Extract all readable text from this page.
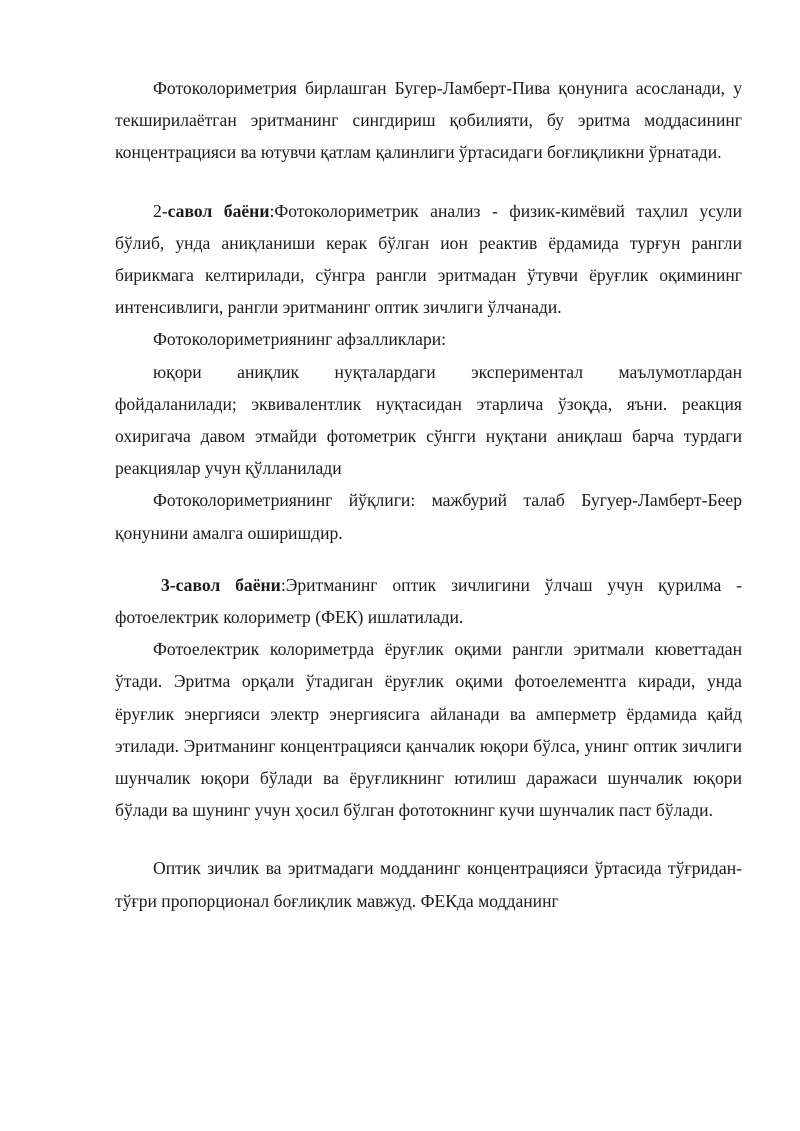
Фотоколориметрия бирлашган Бугер-Ламберт-Пива қонунига асосланади, у текширилаётган эритманинг сингдириш қобилияти, бу эритма моддасининг концентрацияси ва ютувчи қатлам қалинлиги ўртасидаги боғлиқликни ўрнатади.

2-савол баёни:Фотоколориметрик анализ - физик-кимёвий таҳлил усули бўлиб, унда аниқланиши керак бўлган ион реактив ёрдамида турғун рангли бирикмага келтирилади, сўнгра рангли эритмадан ўтувчи ёруғлик оқимининг интенсивлиги, рангли эритманинг оптик зичлиги ўлчанади.

Фотоколориметриянинг афзалликлари:

юқори аниқлик нуқталардаги экспериментал маълумотлардан фойдаланилади; эквивалентлик нуқтасидан этарлича ўзоқда, яъни. реакция охиригача давом этмайди фотометрик сўнгги нуқтани аниқлаш барча турдаги реакциялар учун қўлланилади

Фотоколориметриянинг йўқлиги: мажбурий талаб Бугуер-Ламберт-Беер қонунини амалга оширишдир.

3-савол баёни:Эритманинг оптик зичлигини ўлчаш учун қурилма - фотоелектрик колориметр (ФЕК) ишлатилади.

Фотоелектрик колориметрда ёруғлик оқими рангли эритмали кюветтадан ўтади. Эритма орқали ўтадиган ёруғлик оқими фотоелементга киради, унда ёруғлик энергияси электр энергиясига айланади ва амперметр ёрдамида қайд этилади. Эритманинг концентрацияси қанчалик юқори бўлса, унинг оптик зичлиги шунчалик юқори бўлади ва ёруғликнинг ютилиш даражаси шунчалик юқори бўлади ва шунинг учун ҳосил бўлган фототокнинг кучи шунчалик паст бўлади.

Оптик зичлик ва эритмадаги модданинг концентрацияси ўртасида тўғридан-тўғри пропорционал боғлиқлик мавжуд. ФЕКда модданинг
